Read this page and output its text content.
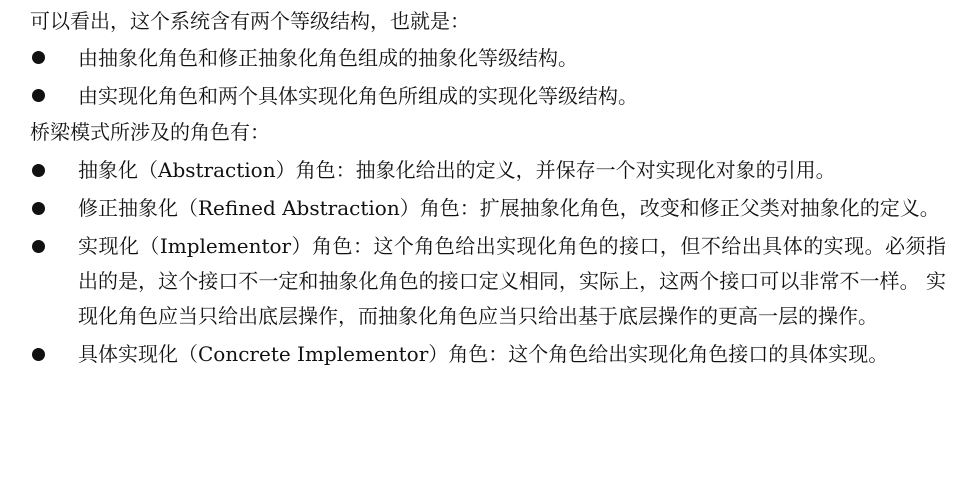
可以看出，这个系统含有两个等级结构，也就是：

由抽象化角色和修正抽象化角色组成的抽象化等级结构。
由实现化角色和两个具体实现化角色所组成的实现化等级结构。

桥梁模式所涉及的角色有：

抽象化（Abstraction）角色：抽象化给出的定义，并保存一个对实现化对象的引用。
修正抽象化（Refined Abstraction）角色：扩展抽象化角色，改变和修正父类对抽象化的定义。
实现化（Implementor）角色：这个角色给出实现化角色的接口，但不给出具体的实现。必须指出的是，这个接口不一定和抽象化角色的接口定义相同，实际上，这两个接口可以非常不一样。 实现化角色应当只给出底层操作，而抽象化角色应当只给出基于底层操作的更高一层的操作。
具体实现化（Concrete Implementor）角色：这个角色给出实现化角色接口的具体实现。
